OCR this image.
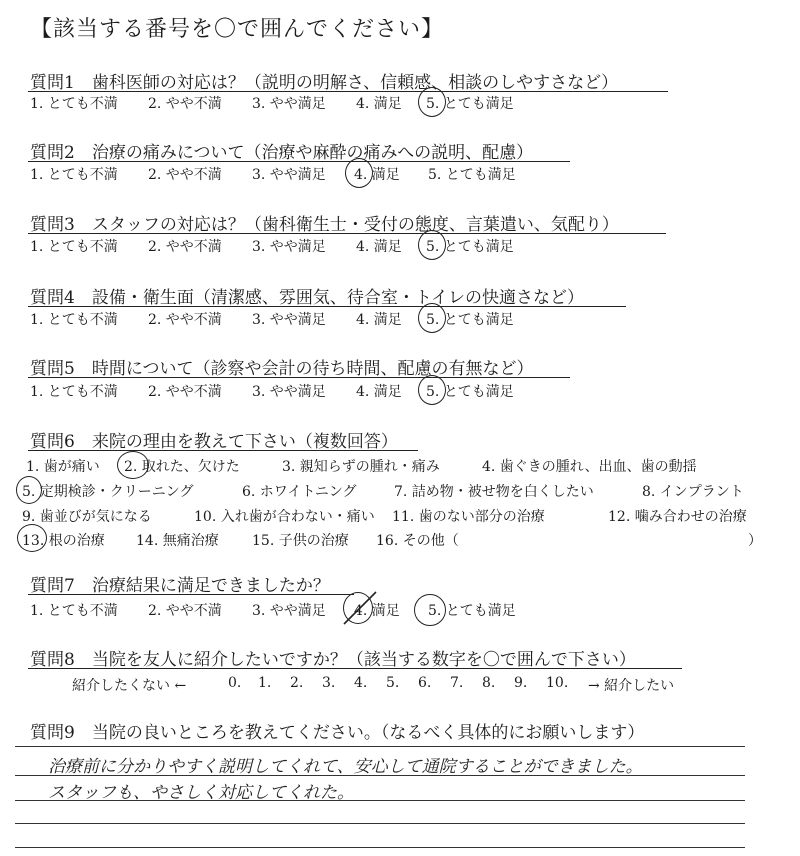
【該当する番号を〇で囲んでください】
質問1　歯科医師の対応は？（説明の明解さ、信頼感、相談のしやすさなど）
1. とても不満 2. やや不満 3. やや満足 4. 満足 5. とても満足
質問2　治療の痛みについて（治療や麻酔の痛みへの説明、配慮）
1. とても不満 2. やや不満 3. やや満足 4. 満足 5. とても満足
質問3　スタッフの対応は？（歯科衛生士・受付の態度、言葉遣い、気配り）
1. とても不満 2. やや不満 3. やや満足 4. 満足 5. とても満足
質問4　設備・衛生面（清潔感、雰囲気、待合室・トイレの快適さなど）
1. とても不満 2. やや不満 3. やや満足 4. 満足 5. とても満足
質問5　時間について（診察や会計の待ち時間、配慮の有無など）
1. とても不満 2. やや不満 3. やや満足 4. 満足 5. とても満足
質問6　来院の理由を教えて下さい（複数回答）
1. 歯が痛い 2. 取れた、欠けた	3. 親知らずの腫れ・痛み	4. 歯ぐきの腫れ、出血、歯の動揺
5. 定期検診・クリーニング	6. ホワイトニング	7. 詰め物・被せ物を白くしたい	8. インプラント
9. 歯並びが気になる	10. 入れ歯が合わない・痛い 11. 歯のない部分の治療	12. 噛み合わせの治療
13. 根の治療 14. 無痛治療 15. 子供の治療 16. その他（	）
質問7　治療結果に満足できましたか？
1. とても不満 2. やや不満 3. やや満足 4. 満足 5. とても満足
質問8　当院を友人に紹介したいですか？（該当する数字を〇で囲んで下さい）
紹介したくない ←	0. 1. 2. 3. 4. 5. 6. 7. 8. 9. 10. → 紹介したい
質問9　当院の良いところを教えてください。（なるべく具体的にお願いします）
治療前に分かりやすく説明してくれて、安心して通院することができました。
スタッフも、やさしく対応してくれた。
